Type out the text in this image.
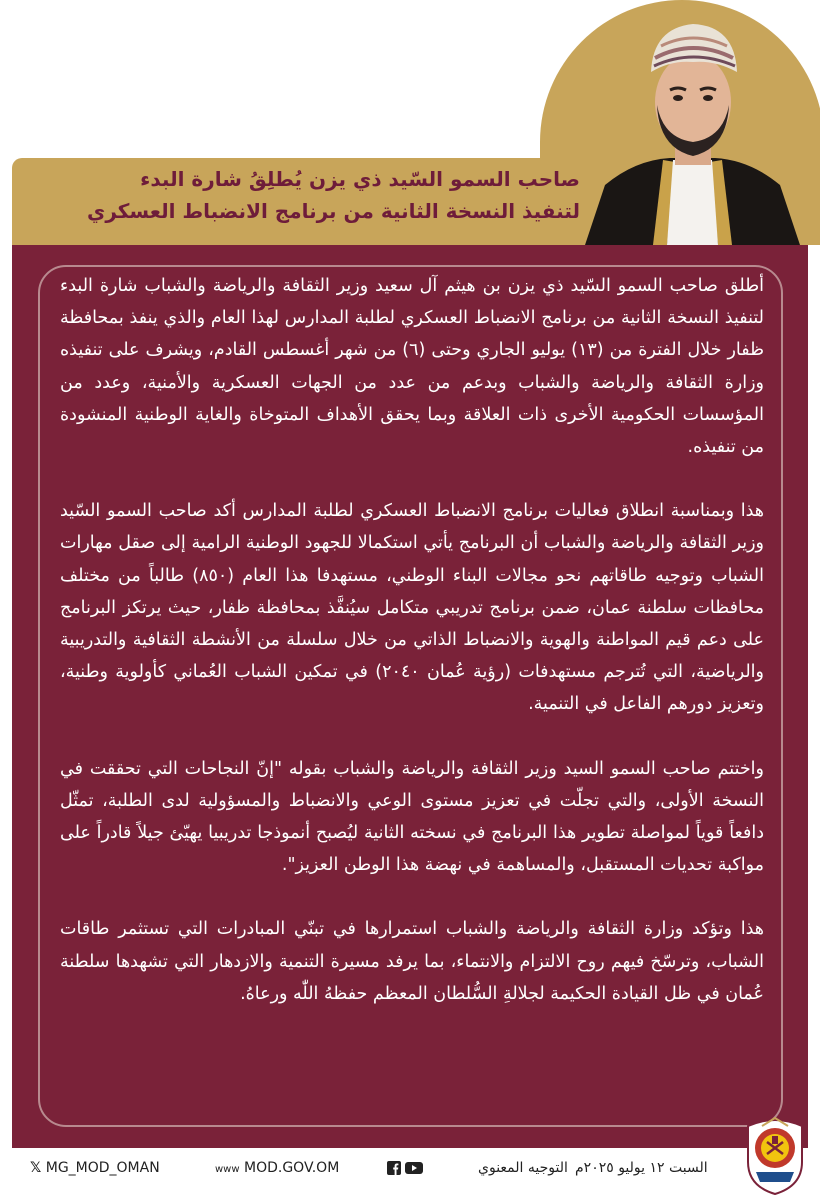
صاحب السمو السّيد ذي يزن يُطلِقُ شارة البدء
لتنفيذ النسخة الثانية من برنامج الانضباط العسكري

أطلق صاحب السمو السّيد ذي يزن بن هيثم آل سعيد وزير الثقافة والرياضة والشباب شارة البدء لتنفيذ النسخة الثانية من برنامج الانضباط العسكري لطلبة المدارس لهذا العام والذي ينفذ بمحافظة ظفار خلال الفترة من (١٣) يوليو الجاري وحتى (٦) من شهر أغسطس القادم، ويشرف على تنفيذه وزارة الثقافة والرياضة والشباب وبدعم من عدد من الجهات العسكرية والأمنية، وعدد من المؤسسات الحكومية الأخرى ذات العلاقة وبما يحقق الأهداف المتوخاة والغاية الوطنية المنشودة من تنفيذه.

هذا وبمناسبة انطلاق فعاليات برنامج الانضباط العسكري لطلبة المدارس أكد صاحب السمو السّيد وزير الثقافة والرياضة والشباب أن البرنامج يأتي استكمالا للجهود الوطنية الرامية إلى صقل مهارات الشباب وتوجيه طاقاتهم نحو مجالات البناء الوطني، مستهدفا هذا العام (٨٥٠) طالباً من مختلف محافظات سلطنة عمان، ضمن برنامج تدريبي متكامل سيُنفَّذ بمحافظة ظفار، حيث يرتكز البرنامج على دعم قيم المواطنة والهوية والانضباط الذاتي من خلال سلسلة من الأنشطة الثقافية والتدريبية والرياضية، التي تُترجم مستهدفات (رؤية عُمان ٢٠٤٠) في تمكين الشباب العُماني كأولوية وطنية، وتعزيز دورهم الفاعل في التنمية.

واختتم صاحب السمو السيد وزير الثقافة والرياضة والشباب بقوله "إنّ النجاحات التي تحققت في النسخة الأولى، والتي تجلّت في تعزيز مستوى الوعي والانضباط والمسؤولية لدى الطلبة، تمثّل دافعاً قوياً لمواصلة تطوير هذا البرنامج في نسخته الثانية ليُصبح أنموذجا تدريبيا يهيّئ جيلاً قادراً على مواكبة تحديات المستقبل، والمساهمة في نهضة هذا الوطن العزيز".

هذا وتؤكد وزارة الثقافة والرياضة والشباب استمرارها في تبنّي المبادرات التي تستثمر طاقات الشباب، وترسّخ فيهم روح الالتزام والانتماء، بما يرفد مسيرة التنمية والازدهار التي تشهدها سلطنة عُمان في ظل القيادة الحكيمة لجلالةِ السُّلطان المعظم حفظهُ اللّٰه ورعاهُ.

𝕏 MG_MOD_OMAN	www MOD.GOV.OM
	التوجيه المعنوي السبت ١٢ يوليو ٢٠٢٥م
